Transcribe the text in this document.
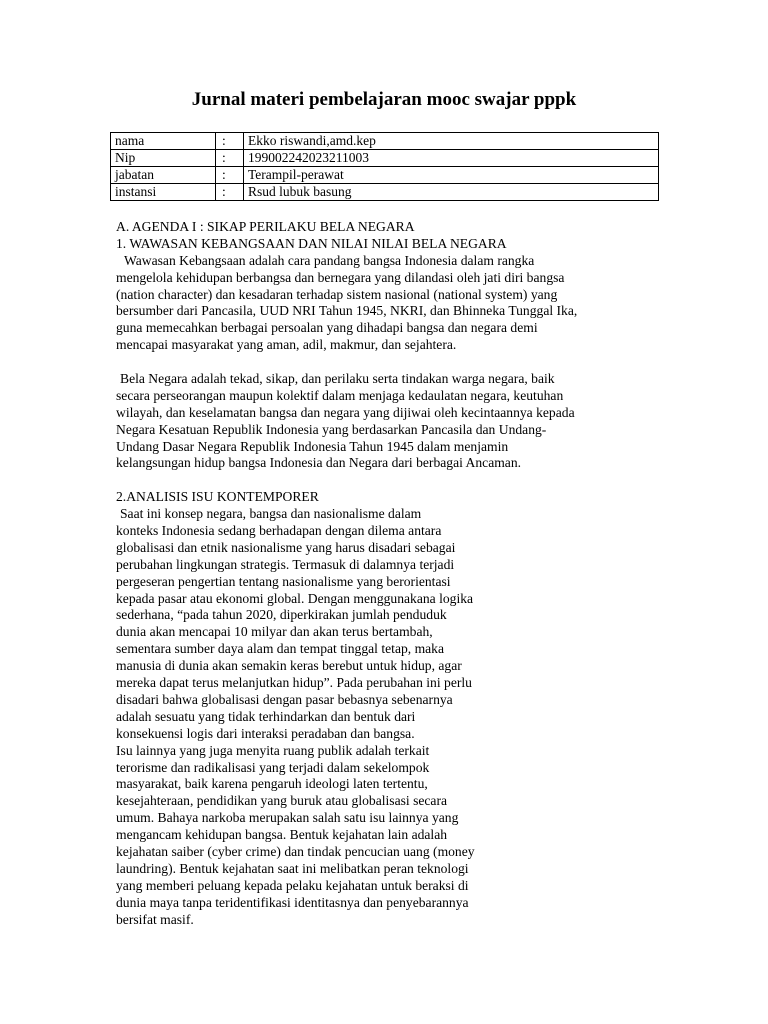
Jurnal materi pembelajaran mooc swajar pppk
nama	:	Ekko riswandi,amd.kep
Nip	:	199002242023211003
jabatan	:	Terampil-perawat
instansi	:	Rsud lubuk basung
A. AGENDA I : SIKAP PERILAKU BELA NEGARA
1. WAWASAN KEBANGSAAN DAN NILAI NILAI BELA NEGARA
Wawasan Kebangsaan adalah cara pandang bangsa Indonesia dalam rangka
mengelola kehidupan berbangsa dan bernegara yang dilandasi oleh jati diri bangsa
(nation character) dan kesadaran terhadap sistem nasional (national system) yang
bersumber dari Pancasila, UUD NRI Tahun 1945, NKRI, dan Bhinneka Tunggal Ika,
guna memecahkan berbagai persoalan yang dihadapi bangsa dan negara demi
mencapai masyarakat yang aman, adil, makmur, dan sejahtera.
Bela Negara adalah tekad, sikap, dan perilaku serta tindakan warga negara, baik
secara perseorangan maupun kolektif dalam menjaga kedaulatan negara, keutuhan
wilayah, dan keselamatan bangsa dan negara yang dijiwai oleh kecintaannya kepada
Negara Kesatuan Republik Indonesia yang berdasarkan Pancasila dan Undang-
Undang Dasar Negara Republik Indonesia Tahun 1945 dalam menjamin
kelangsungan hidup bangsa Indonesia dan Negara dari berbagai Ancaman.
2.ANALISIS ISU KONTEMPORER
Saat ini konsep negara, bangsa dan nasionalisme dalam
konteks Indonesia sedang berhadapan dengan dilema antara
globalisasi dan etnik nasionalisme yang harus disadari sebagai
perubahan lingkungan strategis. Termasuk di dalamnya terjadi
pergeseran pengertian tentang nasionalisme yang berorientasi
kepada pasar atau ekonomi global. Dengan menggunakana logika
sederhana, “pada tahun 2020, diperkirakan jumlah penduduk
dunia akan mencapai 10 milyar dan akan terus bertambah,
sementara sumber daya alam dan tempat tinggal tetap, maka
manusia di dunia akan semakin keras berebut untuk hidup, agar
mereka dapat terus melanjutkan hidup”. Pada perubahan ini perlu
disadari bahwa globalisasi dengan pasar bebasnya sebenarnya
adalah sesuatu yang tidak terhindarkan dan bentuk dari
konsekuensi logis dari interaksi peradaban dan bangsa.
Isu lainnya yang juga menyita ruang publik adalah terkait
terorisme dan radikalisasi yang terjadi dalam sekelompok
masyarakat, baik karena pengaruh ideologi laten tertentu,
kesejahteraan, pendidikan yang buruk atau globalisasi secara
umum. Bahaya narkoba merupakan salah satu isu lainnya yang
mengancam kehidupan bangsa. Bentuk kejahatan lain adalah
kejahatan saiber (cyber crime) dan tindak pencucian uang (money
laundring). Bentuk kejahatan saat ini melibatkan peran teknologi
yang memberi peluang kepada pelaku kejahatan untuk beraksi di
dunia maya tanpa teridentifikasi identitasnya dan penyebarannya
bersifat masif.
